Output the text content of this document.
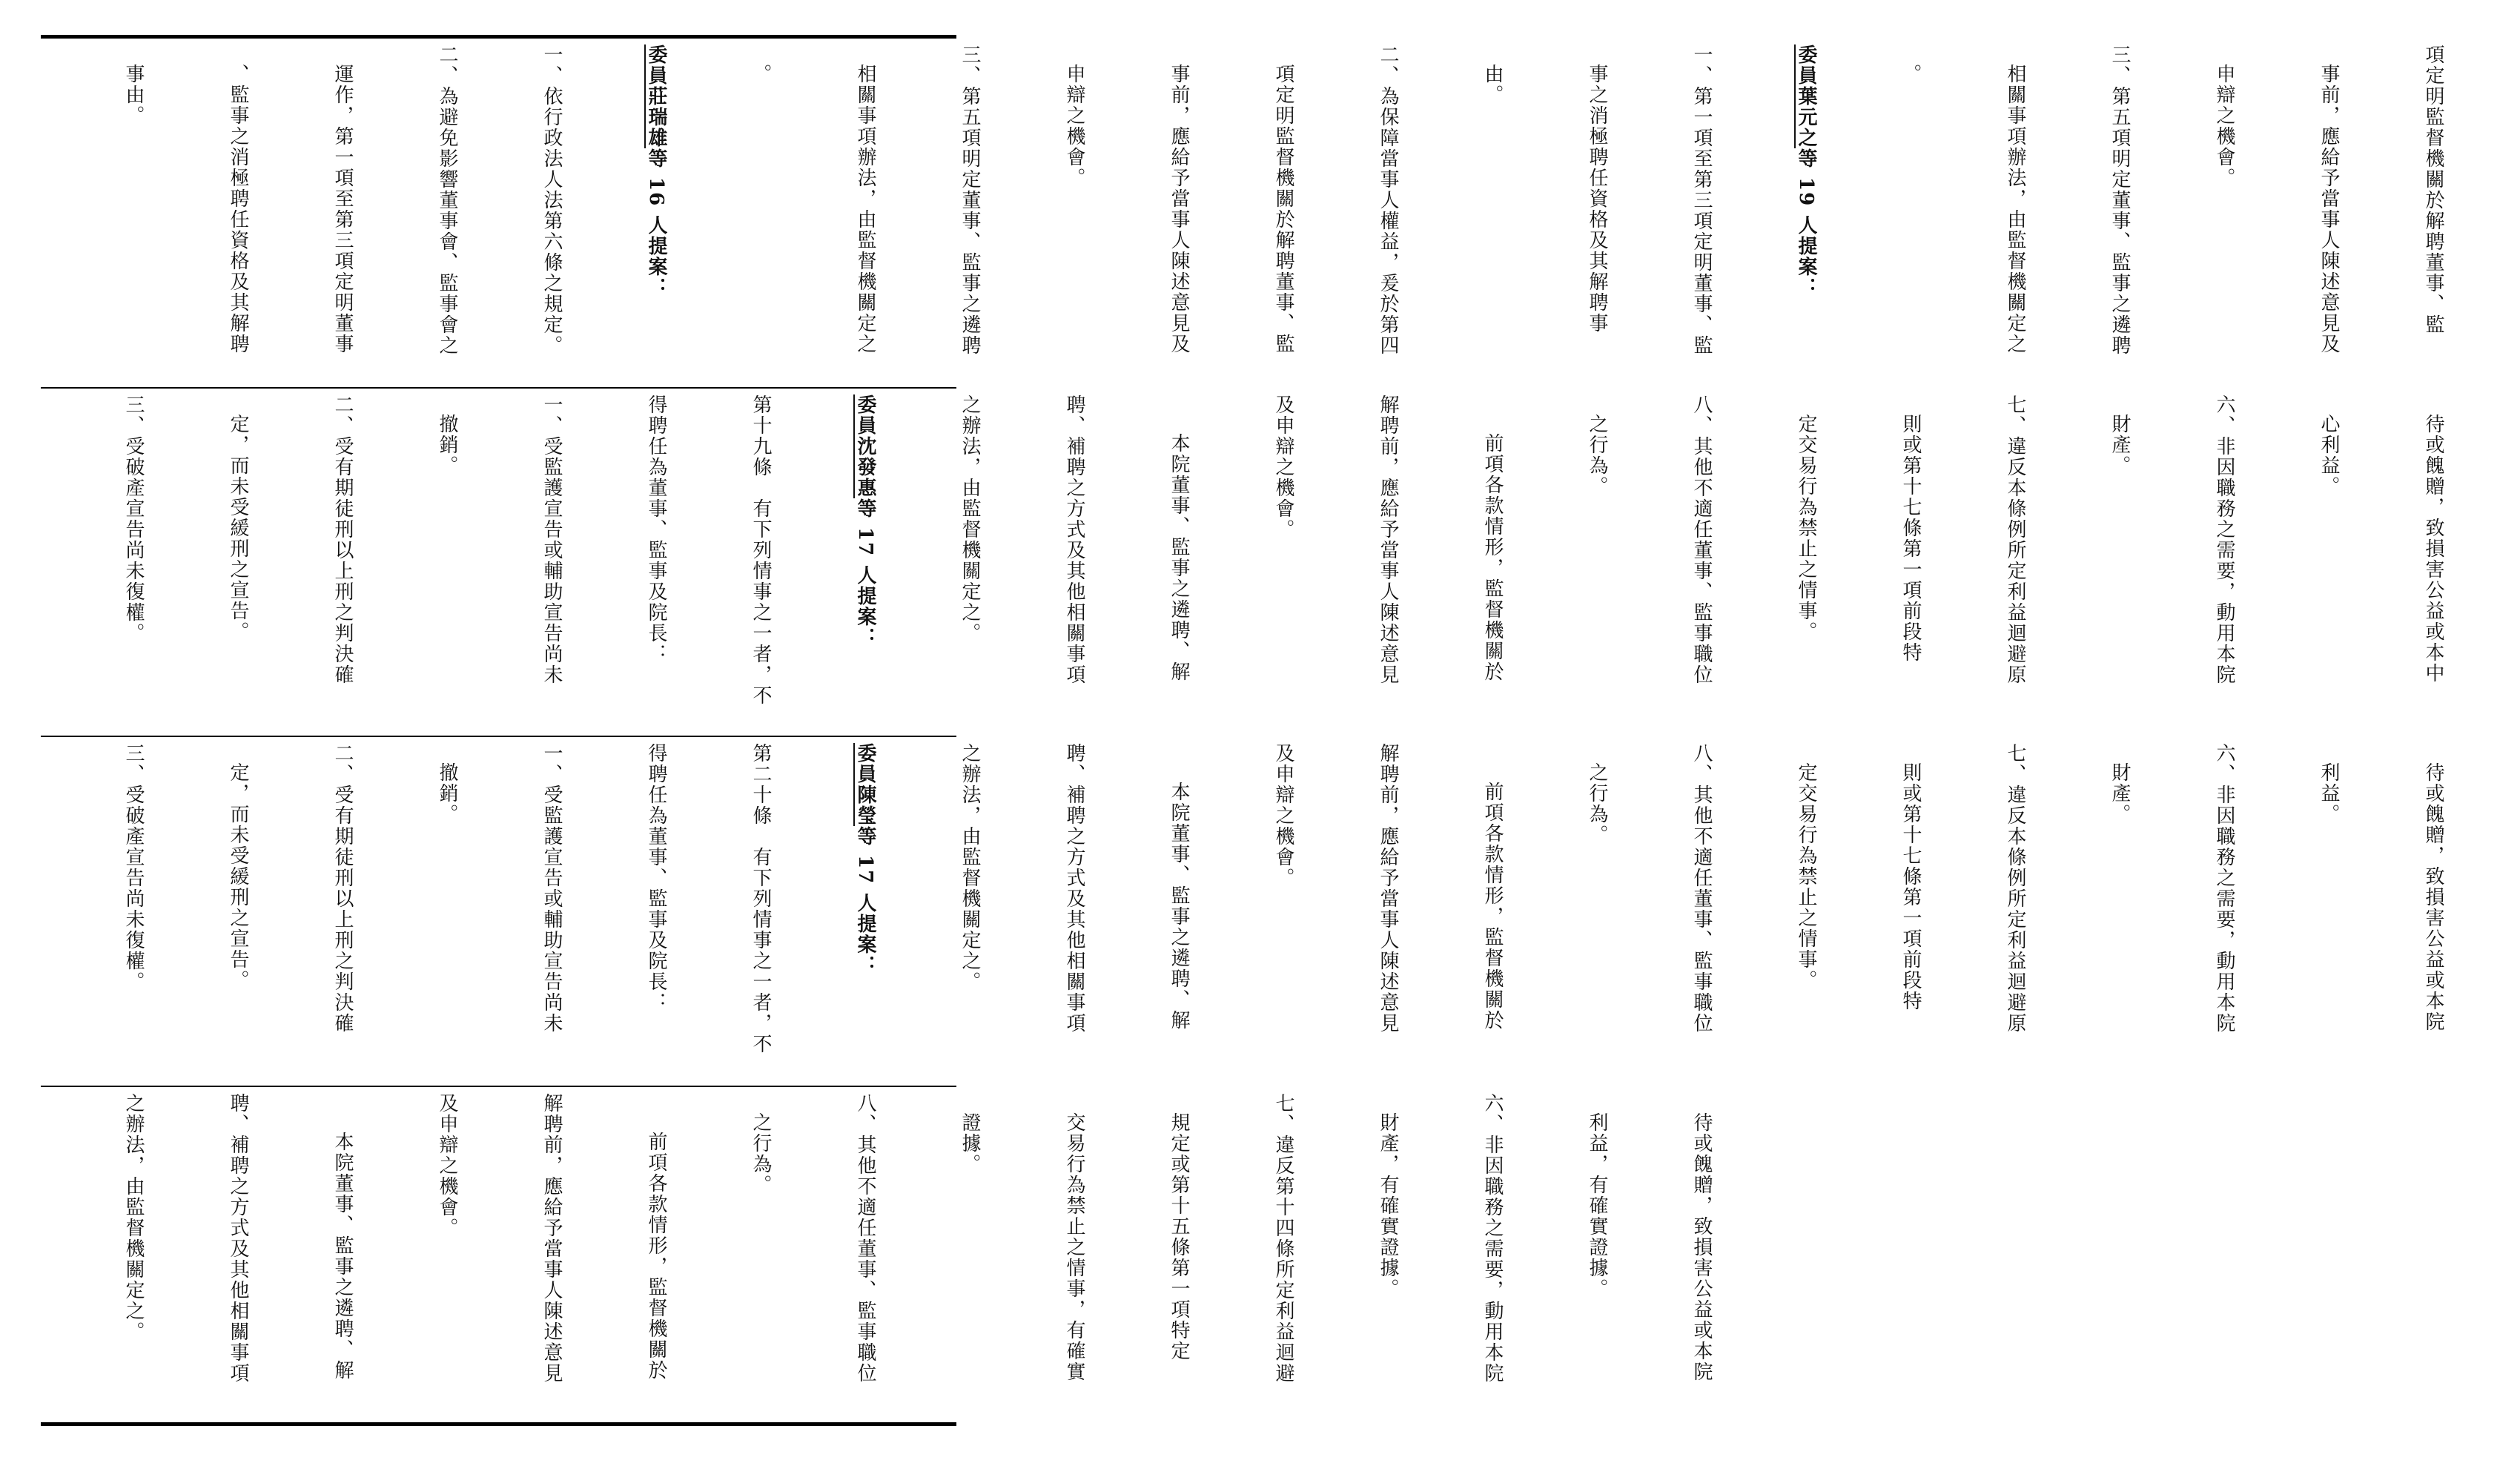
項定明監督機關於解聘董事、監

事前，應給予當事人陳述意見及

申辯之機會。

三、第五項明定董事、監事之遴聘

相關事項辦法，由監督機關定之

。

委員葉元之等 19 人提案：

一、第一項至第三項定明董事、監

事之消極聘任資格及其解聘事

由。

二、為保障當事人權益，爰於第四

項定明監督機關於解聘董事、監

事前，應給予當事人陳述意見及

申辯之機會。

三、第五項明定董事、監事之遴聘

相關事項辦法，由監督機關定之

。

委員莊瑞雄等 16 人提案：

一、依行政法人法第六條之規定。

二、為避免影響董事會、監事會之

運作，第一項至第三項定明董事

、監事之消極聘任資格及其解聘

事由。

待或餽贈，致損害公益或本中

心利益。

六、非因職務之需要，動用本院

財產。

七、違反本條例所定利益迴避原

則或第十七條第一項前段特

定交易行為禁止之情事。

八、其他不適任董事、監事職位

之行為。

前項各款情形，監督機關於

解聘前，應給予當事人陳述意見

及申辯之機會。

本院董事、監事之遴聘、解

聘、補聘之方式及其他相關事項

之辦法，由監督機關定之。

委員沈發惠等 17 人提案：

第十九條　有下列情事之一者，不

得聘任為董事、監事及院長：

一、受監護宣告或輔助宣告尚未

撤銷。

二、受有期徒刑以上刑之判決確

定，而未受緩刑之宣告。

三、受破產宣告尚未復權。

待或餽贈，致損害公益或本院

利益。

六、非因職務之需要，動用本院

財產。

七、違反本條例所定利益迴避原

則或第十七條第一項前段特

定交易行為禁止之情事。

八、其他不適任董事、監事職位

之行為。

前項各款情形，監督機關於

解聘前，應給予當事人陳述意見

及申辯之機會。

本院董事、監事之遴聘、解

聘、補聘之方式及其他相關事項

之辦法，由監督機關定之。

委員陳瑩等 17 人提案：

第二十條　有下列情事之一者，不

得聘任為董事、監事及院長：

一、受監護宣告或輔助宣告尚未

撤銷。

二、受有期徒刑以上刑之判決確

定，而未受緩刑之宣告。

三、受破產宣告尚未復權。

待或餽贈，致損害公益或本院

利益，有確實證據。

六、非因職務之需要，動用本院

財產，有確實證據。

七、違反第十四條所定利益迴避

規定或第十五條第一項特定

交易行為禁止之情事，有確實

證據。

八、其他不適任董事、監事職位

之行為。

前項各款情形，監督機關於

解聘前，應給予當事人陳述意見

及申辯之機會。

本院董事、監事之遴聘、解

聘、補聘之方式及其他相關事項

之辦法，由監督機關定之。
